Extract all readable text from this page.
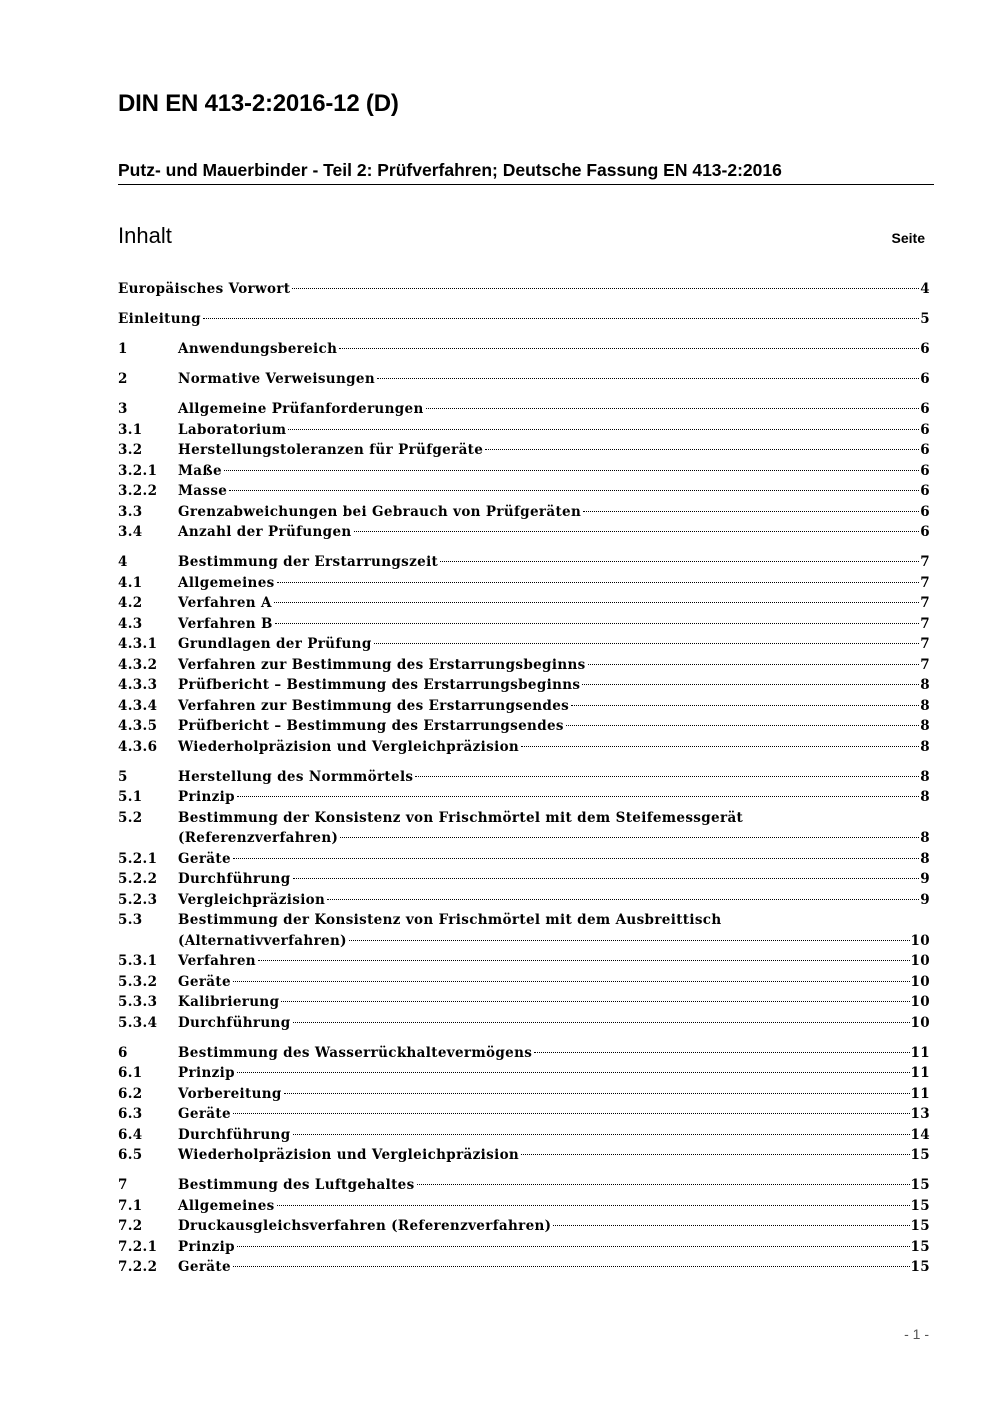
DIN EN 413-2:2016-12 (D)
Putz- und Mauerbinder - Teil 2: Prüfverfahren; Deutsche Fassung EN 413-2:2016
Inhalt	Seite
Europäisches Vorwort	4
Einleitung	5
1	Anwendungsbereich	6
2	Normative Verweisungen	6
3	Allgemeine Prüfanforderungen	6
3.1	Laboratorium	6
3.2	Herstellungstoleranzen für Prüfgeräte	6
3.2.1	Maße	6
3.2.2	Masse	6
3.3	Grenzabweichungen bei Gebrauch von Prüfgeräten	6
3.4	Anzahl der Prüfungen	6
4	Bestimmung der Erstarrungszeit	7
4.1	Allgemeines	7
4.2	Verfahren A	7
4.3	Verfahren B	7
4.3.1	Grundlagen der Prüfung	7
4.3.2	Verfahren zur Bestimmung des Erstarrungsbeginns	7
4.3.3	Prüfbericht – Bestimmung des Erstarrungsbeginns	8
4.3.4	Verfahren zur Bestimmung des Erstarrungsendes	8
4.3.5	Prüfbericht – Bestimmung des Erstarrungsendes	8
4.3.6	Wiederholpräzision und Vergleichpräzision	8
5	Herstellung des Normmörtels	8
5.1	Prinzip	8
5.2	Bestimmung der Konsistenz von Frischmörtel mit dem Steifemessgerät
(Referenzverfahren)	8
5.2.1	Geräte	8
5.2.2	Durchführung	9
5.2.3	Vergleichpräzision	9
5.3	Bestimmung der Konsistenz von Frischmörtel mit dem Ausbreittisch
(Alternativverfahren)	10
5.3.1	Verfahren	10
5.3.2	Geräte	10
5.3.3	Kalibrierung	10
5.3.4	Durchführung	10
6	Bestimmung des Wasserrückhaltevermögens	11
6.1	Prinzip	11
6.2	Vorbereitung	11
6.3	Geräte	13
6.4	Durchführung	14
6.5	Wiederholpräzision und Vergleichpräzision	15
7	Bestimmung des Luftgehaltes	15
7.1	Allgemeines	15
7.2	Druckausgleichsverfahren (Referenzverfahren)	15
7.2.1	Prinzip	15
7.2.2	Geräte	15
- 1 -
